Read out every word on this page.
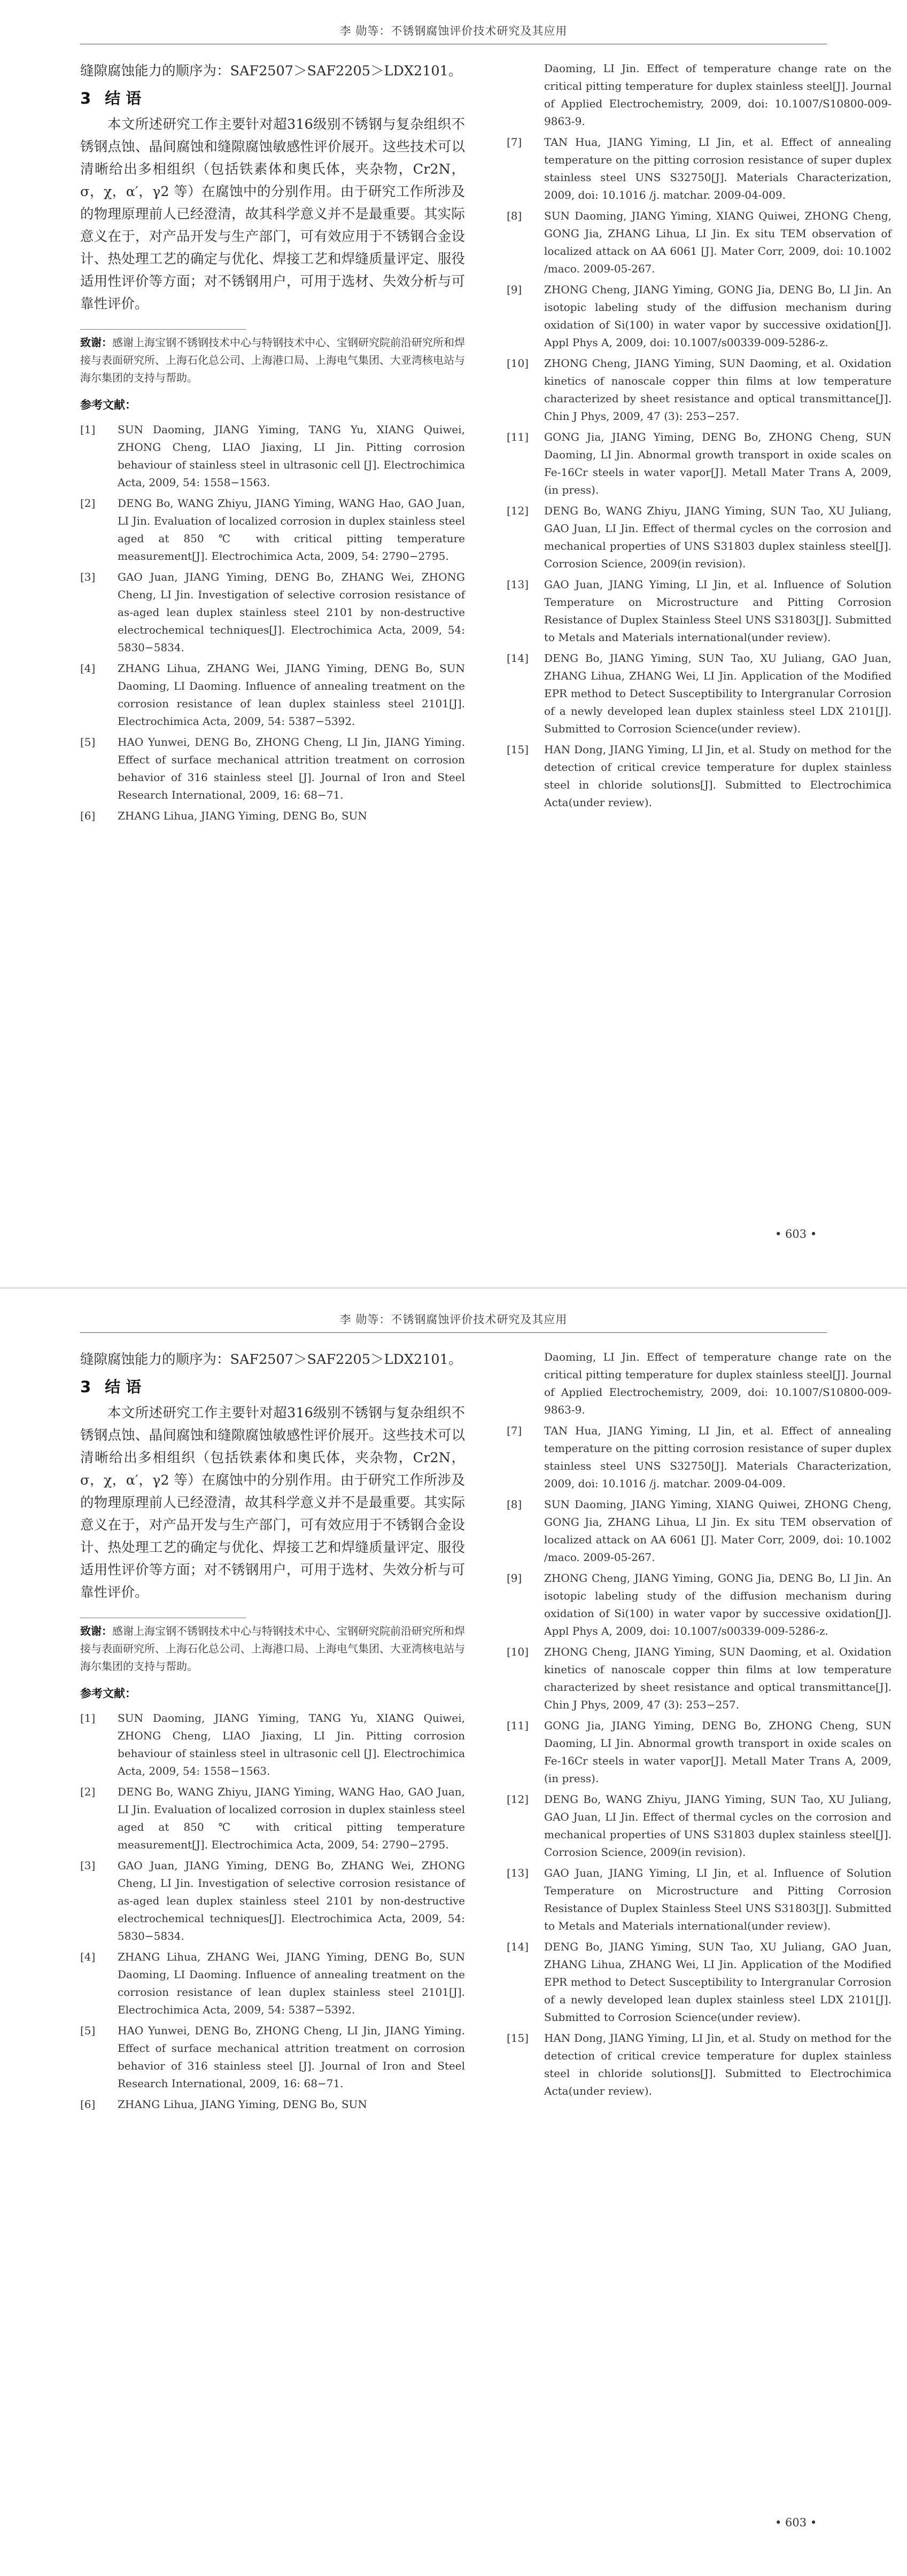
李 勋等：不锈钢腐蚀评价技术研究及其应用

缝隙腐蚀能力的顺序为：SAF2507＞SAF2205＞LDX2101。

3 结 语

本文所述研究工作主要针对超316级别不锈钢与复杂组织不锈钢点蚀、晶间腐蚀和缝隙腐蚀敏感性评价展开。这些技术可以清晰给出多相组织（包括铁素体和奥氏体，夹杂物，Cr2N，σ，χ，α′，γ2 等）在腐蚀中的分别作用。由于研究工作所涉及的物理原理前人已经澄清，故其科学意义并不是最重要。其实际意义在于，对产品开发与生产部门，可有效应用于不锈钢合金设计、热处理工艺的确定与优化、焊接工艺和焊缝质量评定、服役适用性评价等方面；对不锈钢用户，可用于选材、失效分析与可靠性评价。

致谢：感谢上海宝钢不锈钢技术中心与特钢技术中心、宝钢研究院前沿研究所和焊接与表面研究所、上海石化总公司、上海港口局、上海电气集团、大亚湾核电站与海尔集团的支持与帮助。

参考文献：

[1] SUN Daoming, JIANG Yiming, TANG Yu, XIANG Quiwei, ZHONG Cheng, LIAO Jiaxing, LI Jin. Pitting corrosion behaviour of stainless steel in ultrasonic cell [J]. Electrochimica Acta, 2009, 54: 1558−1563.

[2] DENG Bo, WANG Zhiyu, JIANG Yiming, WANG Hao, GAO Juan, LI Jin. Evaluation of localized corrosion in duplex stainless steel aged at 850 ℃ with critical pitting temperature measurement[J]. Electrochimica Acta, 2009, 54: 2790−2795.

[3] GAO Juan, JIANG Yiming, DENG Bo, ZHANG Wei, ZHONG Cheng, LI Jin. Investigation of selective corrosion resistance of as-aged lean duplex stainless steel 2101 by non-destructive electrochemical techniques[J]. Electrochimica Acta, 2009, 54: 5830−5834.

[4] ZHANG Lihua, ZHANG Wei, JIANG Yiming, DENG Bo, SUN Daoming, LI Daoming. Influence of annealing treatment on the corrosion resistance of lean duplex stainless steel 2101[J]. Electrochimica Acta, 2009, 54: 5387−5392.

[5] HAO Yunwei, DENG Bo, ZHONG Cheng, LI Jin, JIANG Yiming. Effect of surface mechanical attrition treatment on corrosion behavior of 316 stainless steel [J]. Journal of Iron and Steel Research International, 2009, 16: 68−71.

[6] ZHANG Lihua, JIANG Yiming, DENG Bo, SUN

Daoming, LI Jin. Effect of temperature change rate on the critical pitting temperature for duplex stainless steel[J]. Journal of Applied Electrochemistry, 2009, doi: 10.1007/S10800-009-9863-9.

[7] TAN Hua, JIANG Yiming, LI Jin, et al. Effect of annealing temperature on the pitting corrosion resistance of super duplex stainless steel UNS S32750[J]. Materials Characterization, 2009, doi: 10.1016 /j. matchar. 2009-04-009.

[8] SUN Daoming, JIANG Yiming, XIANG Quiwei, ZHONG Cheng, GONG Jia, ZHANG Lihua, LI Jin. Ex situ TEM observation of localized attack on AA 6061 [J]. Mater Corr, 2009, doi: 10.1002 /maco. 2009-05-267.

[9] ZHONG Cheng, JIANG Yiming, GONG Jia, DENG Bo, LI Jin. An isotopic labeling study of the diffusion mechanism during oxidation of Si(100) in water vapor by successive oxidation[J]. Appl Phys A, 2009, doi: 10.1007/s00339-009-5286-z.

[10] ZHONG Cheng, JIANG Yiming, SUN Daoming, et al. Oxidation kinetics of nanoscale copper thin films at low temperature characterized by sheet resistance and optical transmittance[J]. Chin J Phys, 2009, 47 (3): 253−257.

[11] GONG Jia, JIANG Yiming, DENG Bo, ZHONG Cheng, SUN Daoming, LI Jin. Abnormal growth transport in oxide scales on Fe-16Cr steels in water vapor[J]. Metall Mater Trans A, 2009, (in press).

[12] DENG Bo, WANG Zhiyu, JIANG Yiming, SUN Tao, XU Juliang, GAO Juan, LI Jin. Effect of thermal cycles on the corrosion and mechanical properties of UNS S31803 duplex stainless steel[J]. Corrosion Science, 2009(in revision).

[13] GAO Juan, JIANG Yiming, LI Jin, et al. Influence of Solution Temperature on Microstructure and Pitting Corrosion Resistance of Duplex Stainless Steel UNS S31803[J]. Submitted to Metals and Materials international(under review).

[14] DENG Bo, JIANG Yiming, SUN Tao, XU Juliang, GAO Juan, ZHANG Lihua, ZHANG Wei, LI Jin. Application of the Modified EPR method to Detect Susceptibility to Intergranular Corrosion of a newly developed lean duplex stainless steel LDX 2101[J]. Submitted to Corrosion Science(under review).

[15] HAN Dong, JIANG Yiming, LI Jin, et al. Study on method for the detection of critical crevice temperature for duplex stainless steel in chloride solutions[J]. Submitted to Electrochimica Acta(under review).

• 603 •
李 勋等：不锈钢腐蚀评价技术研究及其应用

缝隙腐蚀能力的顺序为：SAF2507＞SAF2205＞LDX2101。

3 结 语

本文所述研究工作主要针对超316级别不锈钢与复杂组织不锈钢点蚀、晶间腐蚀和缝隙腐蚀敏感性评价展开。这些技术可以清晰给出多相组织（包括铁素体和奥氏体，夹杂物，Cr2N，σ，χ，α′，γ2 等）在腐蚀中的分别作用。由于研究工作所涉及的物理原理前人已经澄清，故其科学意义并不是最重要。其实际意义在于，对产品开发与生产部门，可有效应用于不锈钢合金设计、热处理工艺的确定与优化、焊接工艺和焊缝质量评定、服役适用性评价等方面；对不锈钢用户，可用于选材、失效分析与可靠性评价。

致谢：感谢上海宝钢不锈钢技术中心与特钢技术中心、宝钢研究院前沿研究所和焊接与表面研究所、上海石化总公司、上海港口局、上海电气集团、大亚湾核电站与海尔集团的支持与帮助。

参考文献：

[1] SUN Daoming, JIANG Yiming, TANG Yu, XIANG Quiwei, ZHONG Cheng, LIAO Jiaxing, LI Jin. Pitting corrosion behaviour of stainless steel in ultrasonic cell [J]. Electrochimica Acta, 2009, 54: 1558−1563.

[2] DENG Bo, WANG Zhiyu, JIANG Yiming, WANG Hao, GAO Juan, LI Jin. Evaluation of localized corrosion in duplex stainless steel aged at 850 ℃ with critical pitting temperature measurement[J]. Electrochimica Acta, 2009, 54: 2790−2795.

[3] GAO Juan, JIANG Yiming, DENG Bo, ZHANG Wei, ZHONG Cheng, LI Jin. Investigation of selective corrosion resistance of as-aged lean duplex stainless steel 2101 by non-destructive electrochemical techniques[J]. Electrochimica Acta, 2009, 54: 5830−5834.

[4] ZHANG Lihua, ZHANG Wei, JIANG Yiming, DENG Bo, SUN Daoming, LI Daoming. Influence of annealing treatment on the corrosion resistance of lean duplex stainless steel 2101[J]. Electrochimica Acta, 2009, 54: 5387−5392.

[5] HAO Yunwei, DENG Bo, ZHONG Cheng, LI Jin, JIANG Yiming. Effect of surface mechanical attrition treatment on corrosion behavior of 316 stainless steel [J]. Journal of Iron and Steel Research International, 2009, 16: 68−71.

[6] ZHANG Lihua, JIANG Yiming, DENG Bo, SUN

Daoming, LI Jin. Effect of temperature change rate on the critical pitting temperature for duplex stainless steel[J]. Journal of Applied Electrochemistry, 2009, doi: 10.1007/S10800-009-9863-9.

[7] TAN Hua, JIANG Yiming, LI Jin, et al. Effect of annealing temperature on the pitting corrosion resistance of super duplex stainless steel UNS S32750[J]. Materials Characterization, 2009, doi: 10.1016 /j. matchar. 2009-04-009.

[8] SUN Daoming, JIANG Yiming, XIANG Quiwei, ZHONG Cheng, GONG Jia, ZHANG Lihua, LI Jin. Ex situ TEM observation of localized attack on AA 6061 [J]. Mater Corr, 2009, doi: 10.1002 /maco. 2009-05-267.

[9] ZHONG Cheng, JIANG Yiming, GONG Jia, DENG Bo, LI Jin. An isotopic labeling study of the diffusion mechanism during oxidation of Si(100) in water vapor by successive oxidation[J]. Appl Phys A, 2009, doi: 10.1007/s00339-009-5286-z.

[10] ZHONG Cheng, JIANG Yiming, SUN Daoming, et al. Oxidation kinetics of nanoscale copper thin films at low temperature characterized by sheet resistance and optical transmittance[J]. Chin J Phys, 2009, 47 (3): 253−257.

[11] GONG Jia, JIANG Yiming, DENG Bo, ZHONG Cheng, SUN Daoming, LI Jin. Abnormal growth transport in oxide scales on Fe-16Cr steels in water vapor[J]. Metall Mater Trans A, 2009, (in press).

[12] DENG Bo, WANG Zhiyu, JIANG Yiming, SUN Tao, XU Juliang, GAO Juan, LI Jin. Effect of thermal cycles on the corrosion and mechanical properties of UNS S31803 duplex stainless steel[J]. Corrosion Science, 2009(in revision).

[13] GAO Juan, JIANG Yiming, LI Jin, et al. Influence of Solution Temperature on Microstructure and Pitting Corrosion Resistance of Duplex Stainless Steel UNS S31803[J]. Submitted to Metals and Materials international(under review).

[14] DENG Bo, JIANG Yiming, SUN Tao, XU Juliang, GAO Juan, ZHANG Lihua, ZHANG Wei, LI Jin. Application of the Modified EPR method to Detect Susceptibility to Intergranular Corrosion of a newly developed lean duplex stainless steel LDX 2101[J]. Submitted to Corrosion Science(under review).

[15] HAN Dong, JIANG Yiming, LI Jin, et al. Study on method for the detection of critical crevice temperature for duplex stainless steel in chloride solutions[J]. Submitted to Electrochimica Acta(under review).

• 603 •
